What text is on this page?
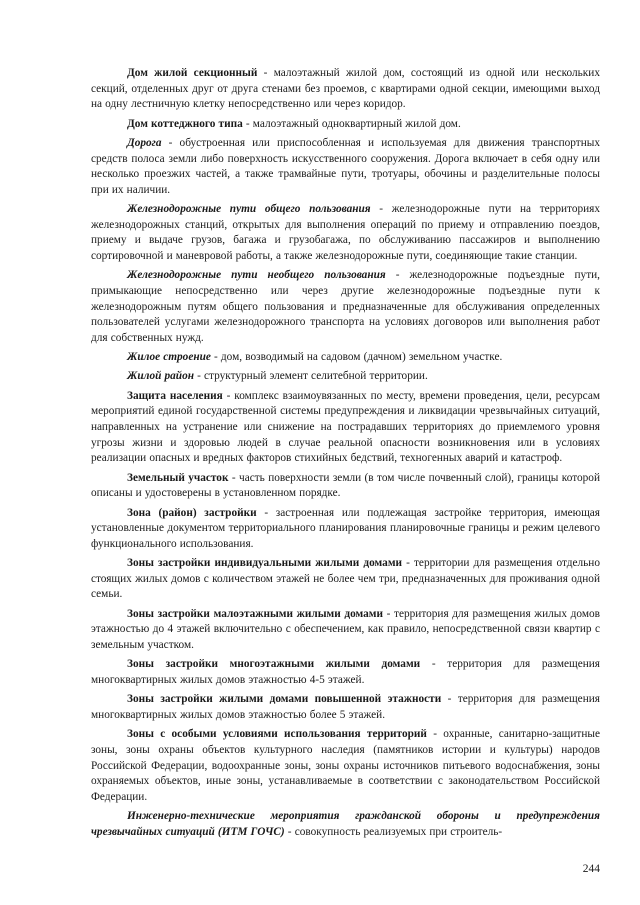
Дом жилой секционный - малоэтажный жилой дом, состоящий из одной или нескольких секций, отделенных друг от друга стенами без проемов, с квартирами одной секции, имеющими выход на одну лестничную клетку непосредственно или через коридор.

Дом коттеджного типа - малоэтажный одноквартирный жилой дом.

Дорога - обустроенная или приспособленная и используемая для движения транспортных средств полоса земли либо поверхность искусственного сооружения. Дорога включает в себя одну или несколько проезжих частей, а также трамвайные пути, тротуары, обочины и разделительные полосы при их наличии.

Железнодорожные пути общего пользования - железнодорожные пути на территориях железнодорожных станций, открытых для выполнения операций по приему и отправлению поездов, приему и выдаче грузов, багажа и грузобагажа, по обслуживанию пассажиров и выполнению сортировочной и маневровой работы, а также железнодорожные пути, соединяющие такие станции.

Железнодорожные пути необщего пользования - железнодорожные подъездные пути, примыкающие непосредственно или через другие железнодорожные подъездные пути к железнодорожным путям общего пользования и предназначенные для обслуживания определенных пользователей услугами железнодорожного транспорта на условиях договоров или выполнения работ для собственных нужд.

Жилое строение - дом, возводимый на садовом (дачном) земельном участке.

Жилой район - структурный элемент селитебной территории.

Защита населения - комплекс взаимоувязанных по месту, времени проведения, цели, ресурсам мероприятий единой государственной системы предупреждения и ликвидации чрезвычайных ситуаций, направленных на устранение или снижение на пострадавших территориях до приемлемого уровня угрозы жизни и здоровью людей в случае реальной опасности возникновения или в условиях реализации опасных и вредных факторов стихийных бедствий, техногенных аварий и катастроф.

Земельный участок - часть поверхности земли (в том числе почвенный слой), границы которой описаны и удостоверены в установленном порядке.

Зона (район) застройки - застроенная или подлежащая застройке территория, имеющая установленные документом территориального планирования планировочные границы и режим целевого функционального использования.

Зоны застройки индивидуальными жилыми домами - территории для размещения отдельно стоящих жилых домов с количеством этажей не более чем три, предназначенных для проживания одной семьи.

Зоны застройки малоэтажными жилыми домами - территория для размещения жилых домов этажностью до 4 этажей включительно с обеспечением, как правило, непосредственной связи квартир с земельным участком.

Зоны застройки многоэтажными жилыми домами - территория для размещения многоквартирных жилых домов этажностью 4-5 этажей.

Зоны застройки жилыми домами повышенной этажности - территория для размещения многоквартирных жилых домов этажностью более 5 этажей.

Зоны с особыми условиями использования территорий - охранные, санитарно-защитные зоны, зоны охраны объектов культурного наследия (памятников истории и культуры) народов Российской Федерации, водоохранные зоны, зоны охраны источников питьевого водоснабжения, зоны охраняемых объектов, иные зоны, устанавливаемые в соответствии с законодательством Российской Федерации.

Инженерно-технические мероприятия гражданской обороны и предупреждения чрезвычайных ситуаций (ИТМ ГОЧС) - совокупность реализуемых при строитель-

244
